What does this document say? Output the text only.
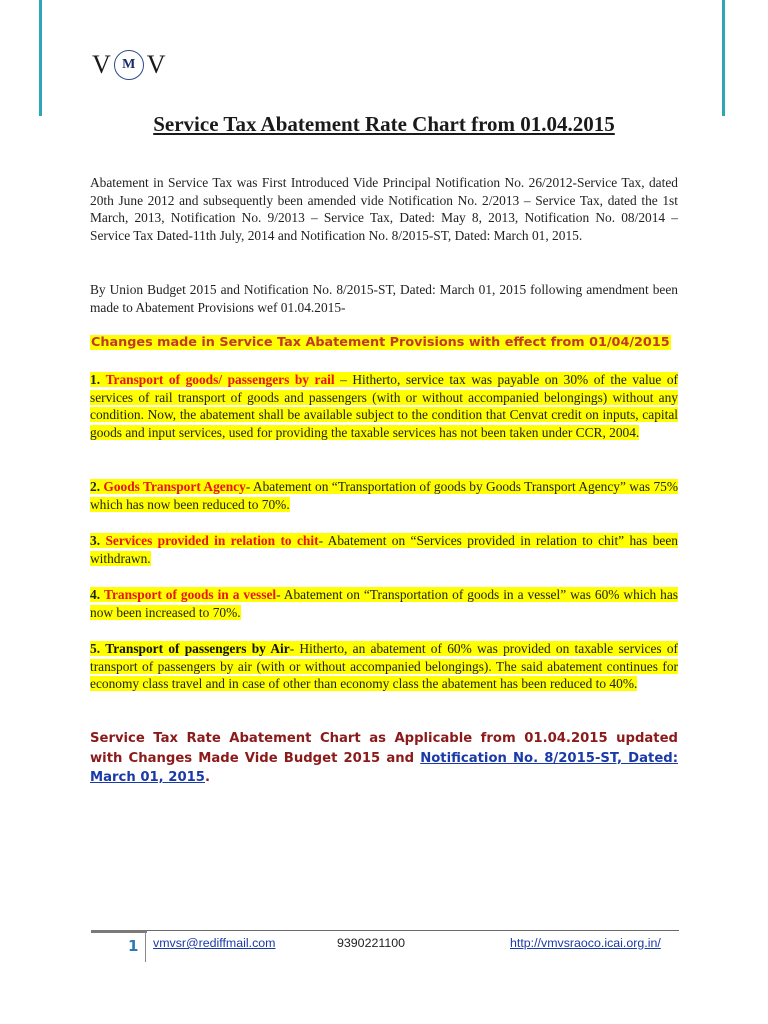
V M V
Service Tax Abatement Rate Chart from 01.04.2015
Abatement in Service Tax was First Introduced Vide Principal Notification No. 26/2012-Service Tax, dated 20th June 2012 and subsequently been amended vide Notification No. 2/2013 – Service Tax, dated the 1st March, 2013, Notification No. 9/2013 – Service Tax, Dated: May 8, 2013, Notification No. 08/2014 – Service Tax Dated-11th July, 2014 and Notification No. 8/2015-ST, Dated: March 01, 2015.
By Union Budget 2015 and Notification No. 8/2015-ST, Dated: March 01, 2015 following amendment been made to Abatement Provisions wef 01.04.2015-
Changes made in Service Tax Abatement Provisions with effect from 01/04/2015
1. Transport of goods/ passengers by rail – Hitherto, service tax was payable on 30% of the value of services of rail transport of goods and passengers (with or without accompanied belongings) without any condition. Now, the abatement shall be available subject to the condition that Cenvat credit on inputs, capital goods and input services, used for providing the taxable services has not been taken under CCR, 2004.
2. Goods Transport Agency- Abatement on “Transportation of goods by Goods Transport Agency” was 75% which has now been reduced to 70%.
3. Services provided in relation to chit- Abatement on “Services provided in relation to chit” has been withdrawn.
4. Transport of goods in a vessel- Abatement on “Transportation of goods in a vessel” was 60% which has now been increased to 70%.
5. Transport of passengers by Air- Hitherto, an abatement of 60% was provided on taxable services of transport of passengers by air (with or without accompanied belongings). The said abatement continues for economy class travel and in case of other than economy class the abatement has been reduced to 40%.
Service Tax Rate Abatement Chart as Applicable from 01.04.2015 updated with Changes Made Vide Budget 2015 and Notification No. 8/2015-ST, Dated: March 01, 2015.
1 vmvsr@rediffmail.com	9390221100	http://vmvsraoco.icai.org.in/
